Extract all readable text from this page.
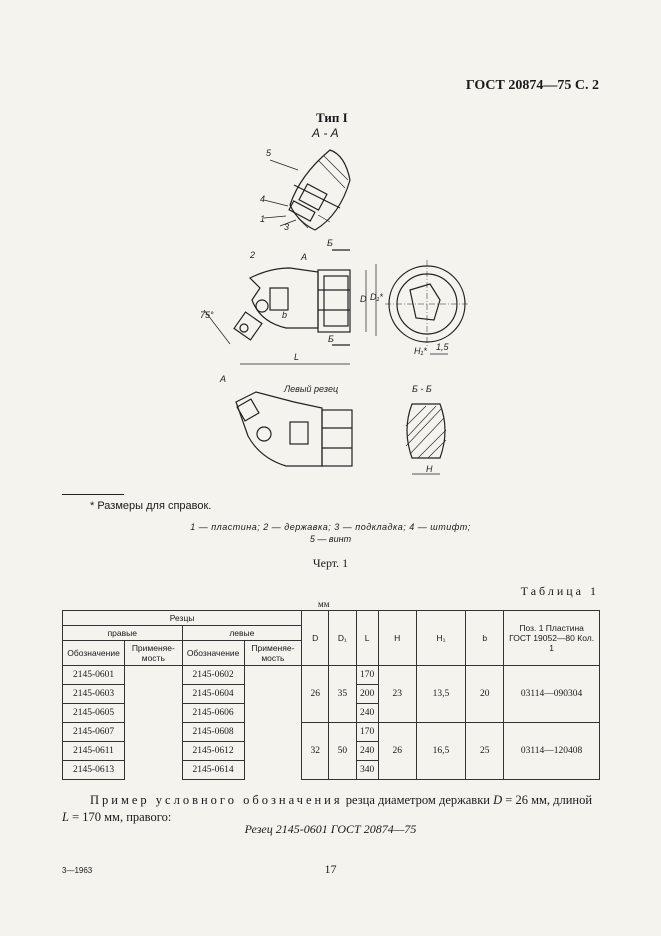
ГОСТ 20874—75 С. 2
Тип I
А - А
5
4
1
3
2
Б
А
D D₁*
b
L
75°
Б
А
H₁* 1,5
Левый резец	Б - Б
H
* Размеры для справок.
1 — пластина; 2 — державка; 3 — подкладка; 4 — штифт;
5 — винт
Черт. 1
Таблица 1
мм
Резцы				D	D₁	L	H	H₁	b	Поз. 1 Пластина ГОСТ 19052—80 Кол. 1
правые		левые								
Обозначение	Применяе-мость	Обозначение	Применяе-мость							
2145-0601		2145-0602		26	35	170	23	13,5	20	03114—090304
2145-0603		2145-0604				200				
2145-0605		2145-0606				240				
2145-0607		2145-0608		32	50	170	26	16,5	25	03114—120408
2145-0611		2145-0612				240				
2145-0613		2145-0614				340				
Пример условного обозначения резца диаметром державки D = 26 мм, длиной L = 170 мм, правого:
Резец 2145-0601 ГОСТ 20874—75
3—1963	17
